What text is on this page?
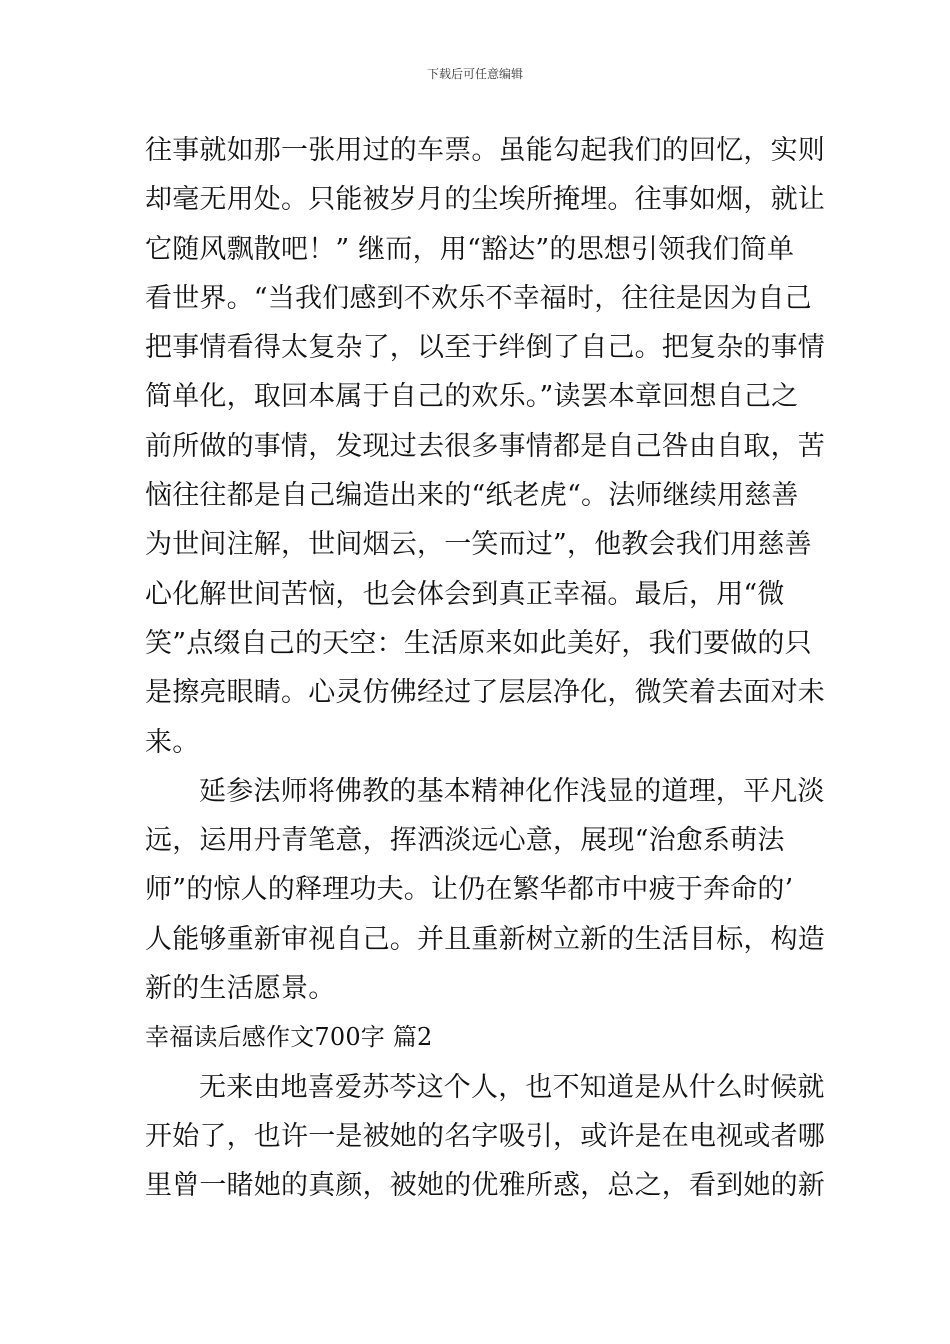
下载后可任意编辑
往事就如那一张用过的车票。虽能勾起我们的回忆，实则
却毫无用处。只能被岁月的尘埃所掩埋。往事如烟，就让
它随风飘散吧！” 继而，用“豁达”的思想引领我们简单
看世界。“当我们感到不欢乐不幸福时，往往是因为自己
把事情看得太复杂了，以至于绊倒了自己。把复杂的事情
简单化，取回本属于自己的欢乐。”读罢本章回想自己之
前所做的事情，发现过去很多事情都是自己咎由自取，苦
恼往往都是自己编造出来的“纸老虎“。法师继续用慈善
为世间注解，世间烟云，一笑而过”，他教会我们用慈善
心化解世间苦恼，也会体会到真正幸福。最后，用“微
笑”点缀自己的天空：生活原来如此美好，我们要做的只
是擦亮眼睛。心灵仿佛经过了层层净化，微笑着去面对未
来。
延参法师将佛教的基本精神化作浅显的道理，平凡淡
远，运用丹青笔意，挥洒淡远心意，展现“治愈系萌法
师”的惊人的释理功夫。让仍在繁华都市中疲于奔命的’
人能够重新审视自己。并且重新树立新的生活目标，构造
新的生活愿景。
幸福读后感作文700字 篇2
无来由地喜爱苏芩这个人，也不知道是从什么时候就
开始了，也许一是被她的名字吸引，或许是在电视或者哪
里曾一睹她的真颜，被她的优雅所惑，总之，看到她的新
